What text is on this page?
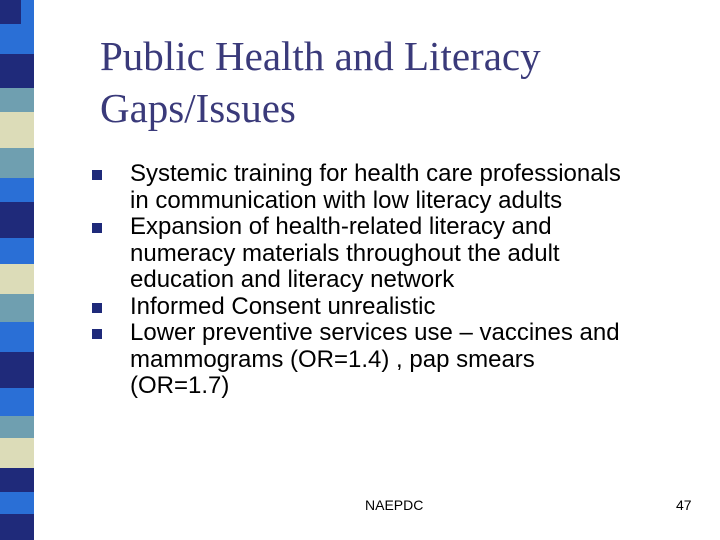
Public Health and Literacy
Gaps/Issues
Systemic training for health care professionals
in communication with low literacy adults
Expansion of health-related literacy and
numeracy materials throughout the adult
education and literacy network
Informed Consent unrealistic
Lower preventive services use – vaccines and
mammograms (OR=1.4) , pap smears
(OR=1.7)
NAEPDC	47
